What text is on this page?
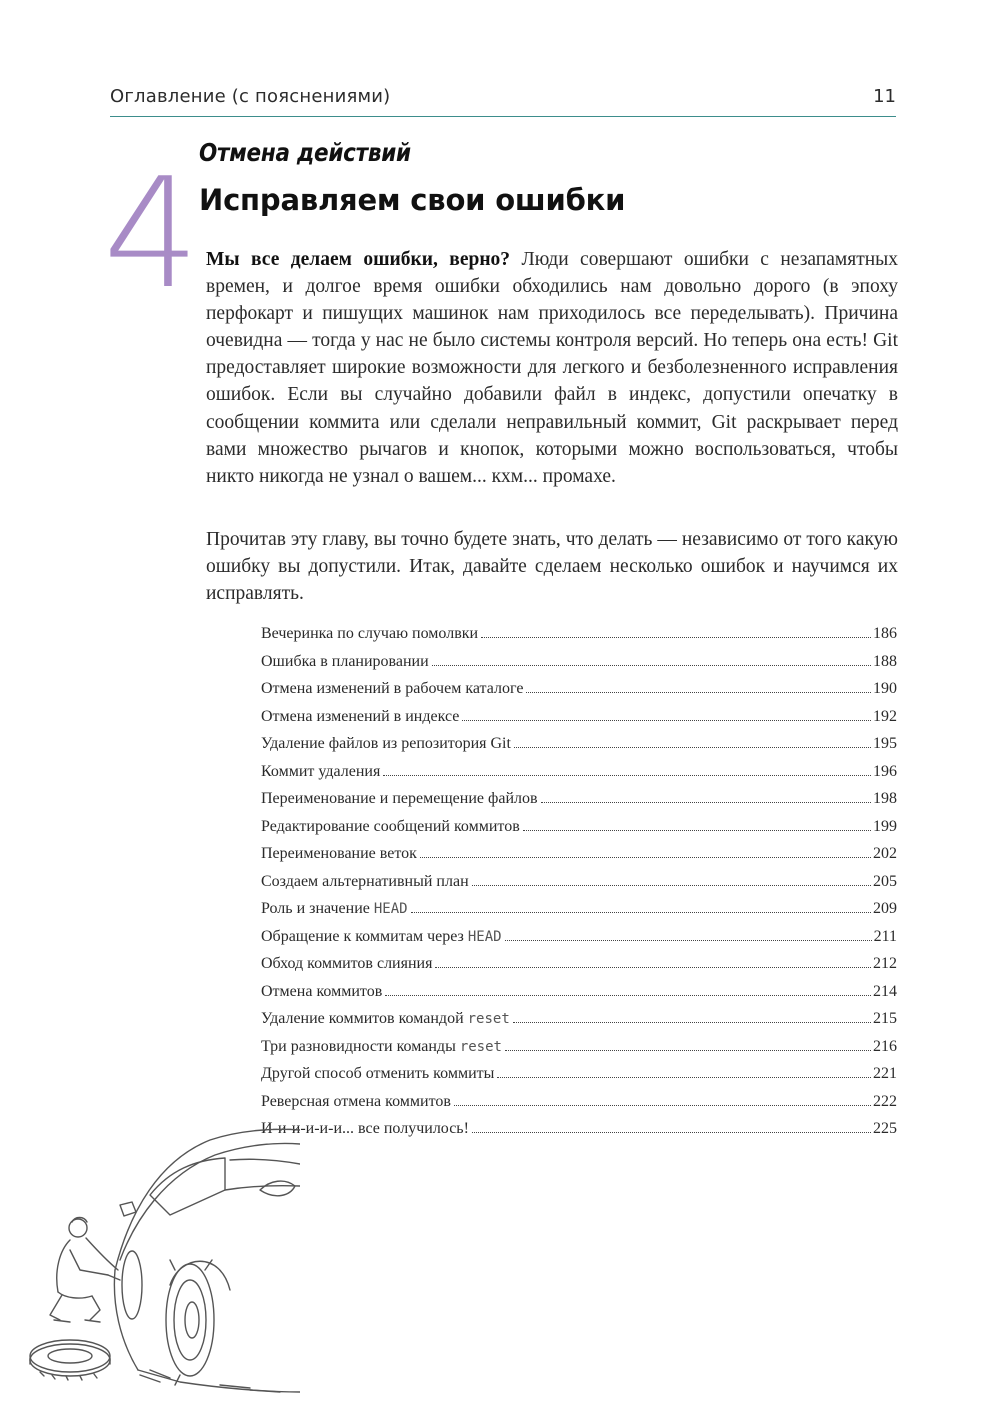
Оглавление (с пояснениями)	11
4 Отмена действий
Исправляем свои ошибки

Мы все делаем ошибки, верно? Люди совершают ошибки с незапамятных времен, и долгое время ошибки обходились нам довольно дорого (в эпоху перфокарт и пишущих машинок нам приходилось все переделывать). Причина очевидна — тогда у нас не было системы контроля версий. Но теперь она есть! Git предоставляет широкие возможности для легкого и безболезненного исправления ошибок. Если вы случайно добавили файл в индекс, допустили опечатку в сообщении коммита или сделали неправильный коммит, Git раскрывает перед вами множество рычагов и кнопок, которыми можно воспользоваться, чтобы никто никогда не узнал о вашем... кхм... промахе.

Прочитав эту главу, вы точно будете знать, что делать — независимо от того какую ошибку вы допустили. Итак, давайте сделаем несколько ошибок и научимся их исправлять.
Вечеринка по случаю помолвки	186
Ошибка в планировании	188
Отмена изменений в рабочем каталоге	190
Отмена изменений в индексе	192
Удаление файлов из репозитория Git	195
Коммит удаления	196
Переименование и перемещение файлов	198
Редактирование сообщений коммитов	199
Переименование веток	202
Создаем альтернативный план	205
Роль и значение HEAD	209
Обращение к коммитам через HEAD	211
Обход коммитов слияния	212
Отмена коммитов	214
Удаление коммитов командой reset	215
Три разновидности команды reset	216
Другой способ отменить коммиты	221
Реверсная отмена коммитов	222
И-и-и-и-и-и... все получилось!	225
